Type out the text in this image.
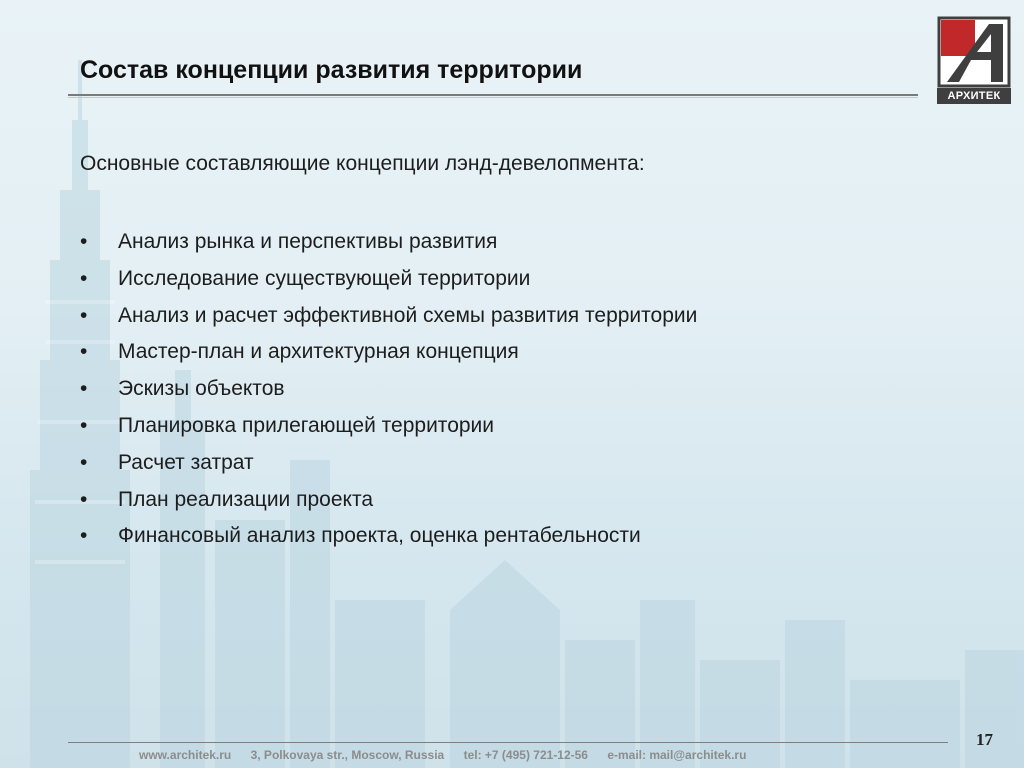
Состав концепции развития территории
АРХИТЕК

Основные составляющие концепции лэнд-девелопмента:

• Анализ рынка и перспективы развития
• Исследование существующей территории
• Анализ и расчет эффективной схемы развития территории
• Мастер-план и архитектурная концепция
• Эскизы объектов
• Планировка прилегающей территории
• Расчет затрат
• План реализации проекта
• Финансовый анализ проекта, оценка рентабельности
www.architek.ru 3, Polkovaya str., Moscow, Russia tel: +7 (495) 721-12-56 e-mail: mail@architek.ru
17
